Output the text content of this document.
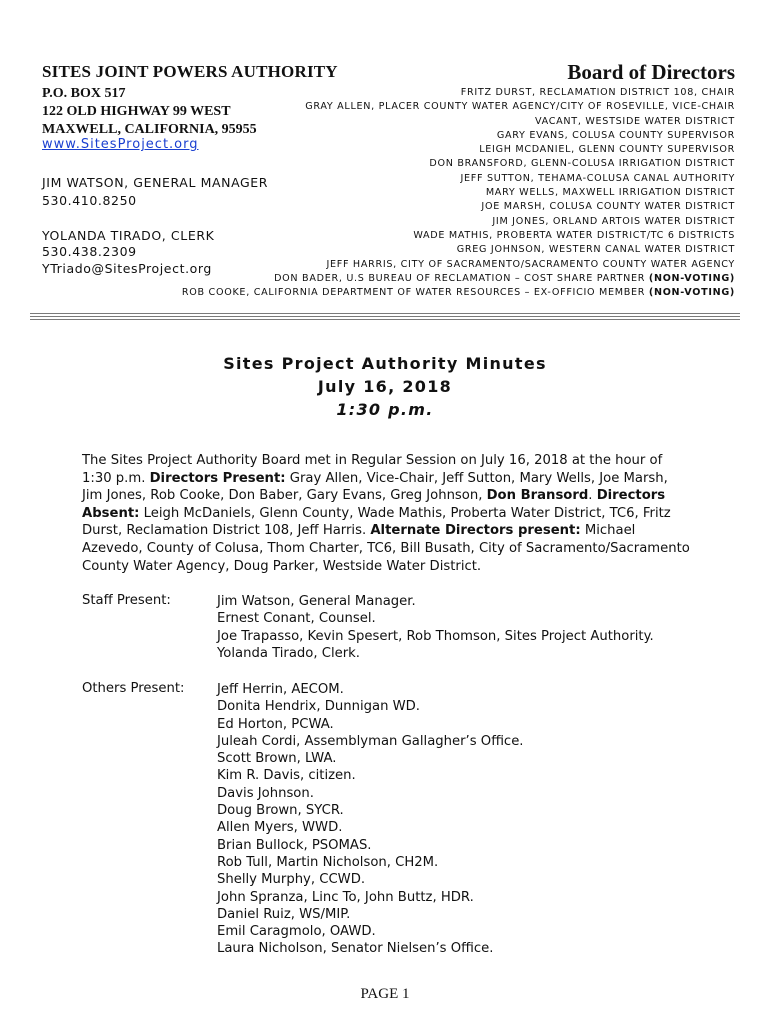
SITES JOINT POWERS AUTHORITY
P.O. BOX 517
122 OLD HIGHWAY 99 WEST
MAXWELL, CALIFORNIA, 95955
www.SitesProject.org
JIM WATSON, GENERAL MANAGER
530.410.8250
YOLANDA TIRADO, CLERK
530.438.2309
YTriado@SitesProject.org
Board of Directors
FRITZ DURST, RECLAMATION DISTRICT 108, CHAIR
GRAY ALLEN, PLACER COUNTY WATER AGENCY/CITY OF ROSEVILLE, VICE-CHAIR
VACANT, WESTSIDE WATER DISTRICT
GARY EVANS, COLUSA COUNTY SUPERVISOR
LEIGH MCDANIEL, GLENN COUNTY SUPERVISOR
DON BRANSFORD, GLENN-COLUSA IRRIGATION DISTRICT
JEFF SUTTON, TEHAMA-COLUSA CANAL AUTHORITY
MARY WELLS, MAXWELL IRRIGATION DISTRICT
JOE MARSH, COLUSA COUNTY WATER DISTRICT
JIM JONES, ORLAND ARTOIS WATER DISTRICT
WADE MATHIS, PROBERTA WATER DISTRICT/TC 6 DISTRICTS
GREG JOHNSON, WESTERN CANAL WATER DISTRICT
JEFF HARRIS, CITY OF SACRAMENTO/SACRAMENTO COUNTY WATER AGENCY
DON BADER, U.S BUREAU OF RECLAMATION – COST SHARE PARTNER (NON-VOTING)
ROB COOKE, CALIFORNIA DEPARTMENT OF WATER RESOURCES – EX-OFFICIO MEMBER (NON-VOTING)
Sites Project Authority Minutes
July 16, 2018
1:30 p.m.
The Sites Project Authority Board met in Regular Session on July 16, 2018 at the hour of 1:30 p.m. Directors Present: Gray Allen, Vice-Chair, Jeff Sutton, Mary Wells, Joe Marsh, Jim Jones, Rob Cooke, Don Baber, Gary Evans, Greg Johnson, Don Bransord. Directors Absent: Leigh McDaniels, Glenn County, Wade Mathis, Proberta Water District, TC6, Fritz Durst, Reclamation District 108, Jeff Harris. Alternate Directors present: Michael Azevedo, County of Colusa, Thom Charter, TC6, Bill Busath, City of Sacramento/Sacramento County Water Agency, Doug Parker, Westside Water District.
Staff Present:	Jim Watson, General Manager.
Ernest Conant, Counsel.
Joe Trapasso, Kevin Spesert, Rob Thomson, Sites Project Authority.
Yolanda Tirado, Clerk.
Others Present: Jeff Herrin, AECOM.
Donita Hendrix, Dunnigan WD.
Ed Horton, PCWA.
Juleah Cordi, Assemblyman Gallagher’s Office.
Scott Brown, LWA.
Kim R. Davis, citizen.
Davis Johnson.
Doug Brown, SYCR.
Allen Myers, WWD.
Brian Bullock, PSOMAS.
Rob Tull, Martin Nicholson, CH2M.
Shelly Murphy, CCWD.
John Spranza, Linc To, John Buttz, HDR.
Daniel Ruiz, WS/MIP.
Emil Caragmolo, OAWD.
Laura Nicholson, Senator Nielsen’s Office.
PAGE 1
